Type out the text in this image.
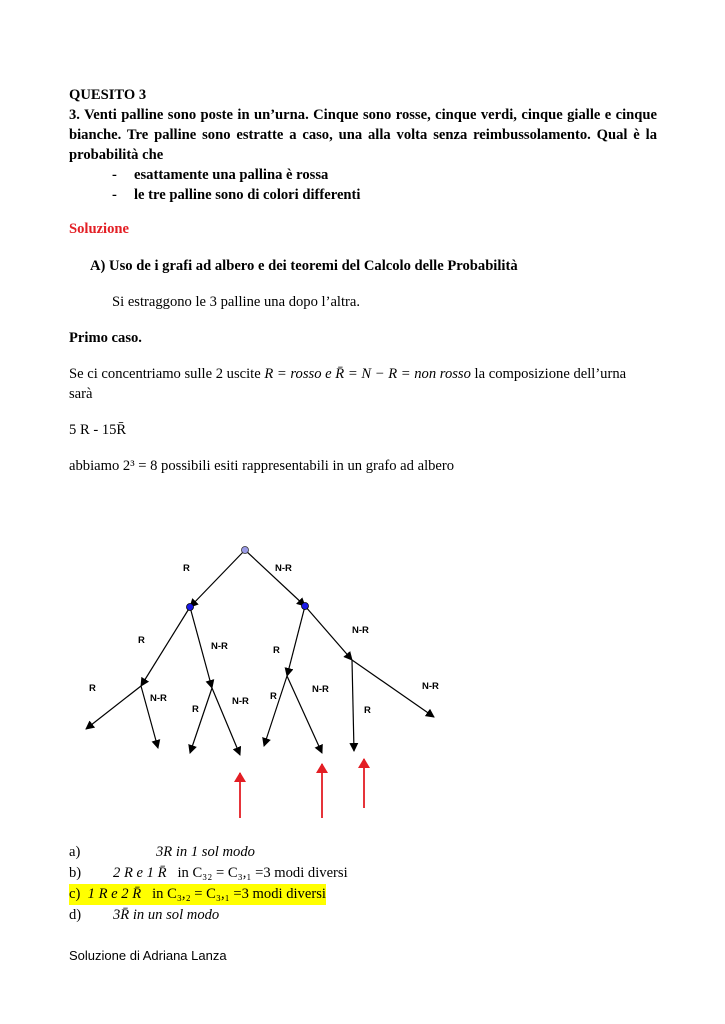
QUESITO 3
3. Venti palline sono poste in un’urna. Cinque sono rosse, cinque verdi, cinque gialle e cinque bianche. Tre palline sono estratte a caso, una alla volta senza reimbussolamento. Qual è la probabilità che
- esattamente una pallina è rossa
- le tre palline sono di colori differenti
Soluzione
A) Uso de i grafi ad albero e dei teoremi del Calcolo delle Probabilità
Si estraggono le 3 palline una dopo l’altra.
Primo caso.
Se ci concentriamo sulle 2 uscite R = rosso e R̄ = N − R = non rosso la composizione dell’urna
sarà
5 R - 15R̄
abbiamo 2³ = 8 possibili esiti rappresentabili in un grafo ad albero
R	N-R
R
N-R	R
N-R
R
N-R
R
N-R R
N-R
R
N-R
a)	3R in 1 sol modo
b) 2 R e 1 R̄ in C₃₂ = C₃,₁ =3 modi diversi
c) 1 R e 2 R̄ in C₃,₂ = C₃,₁ =3 modi diversi
d) 3R̄ in un sol modo
Soluzione di Adriana Lanza
